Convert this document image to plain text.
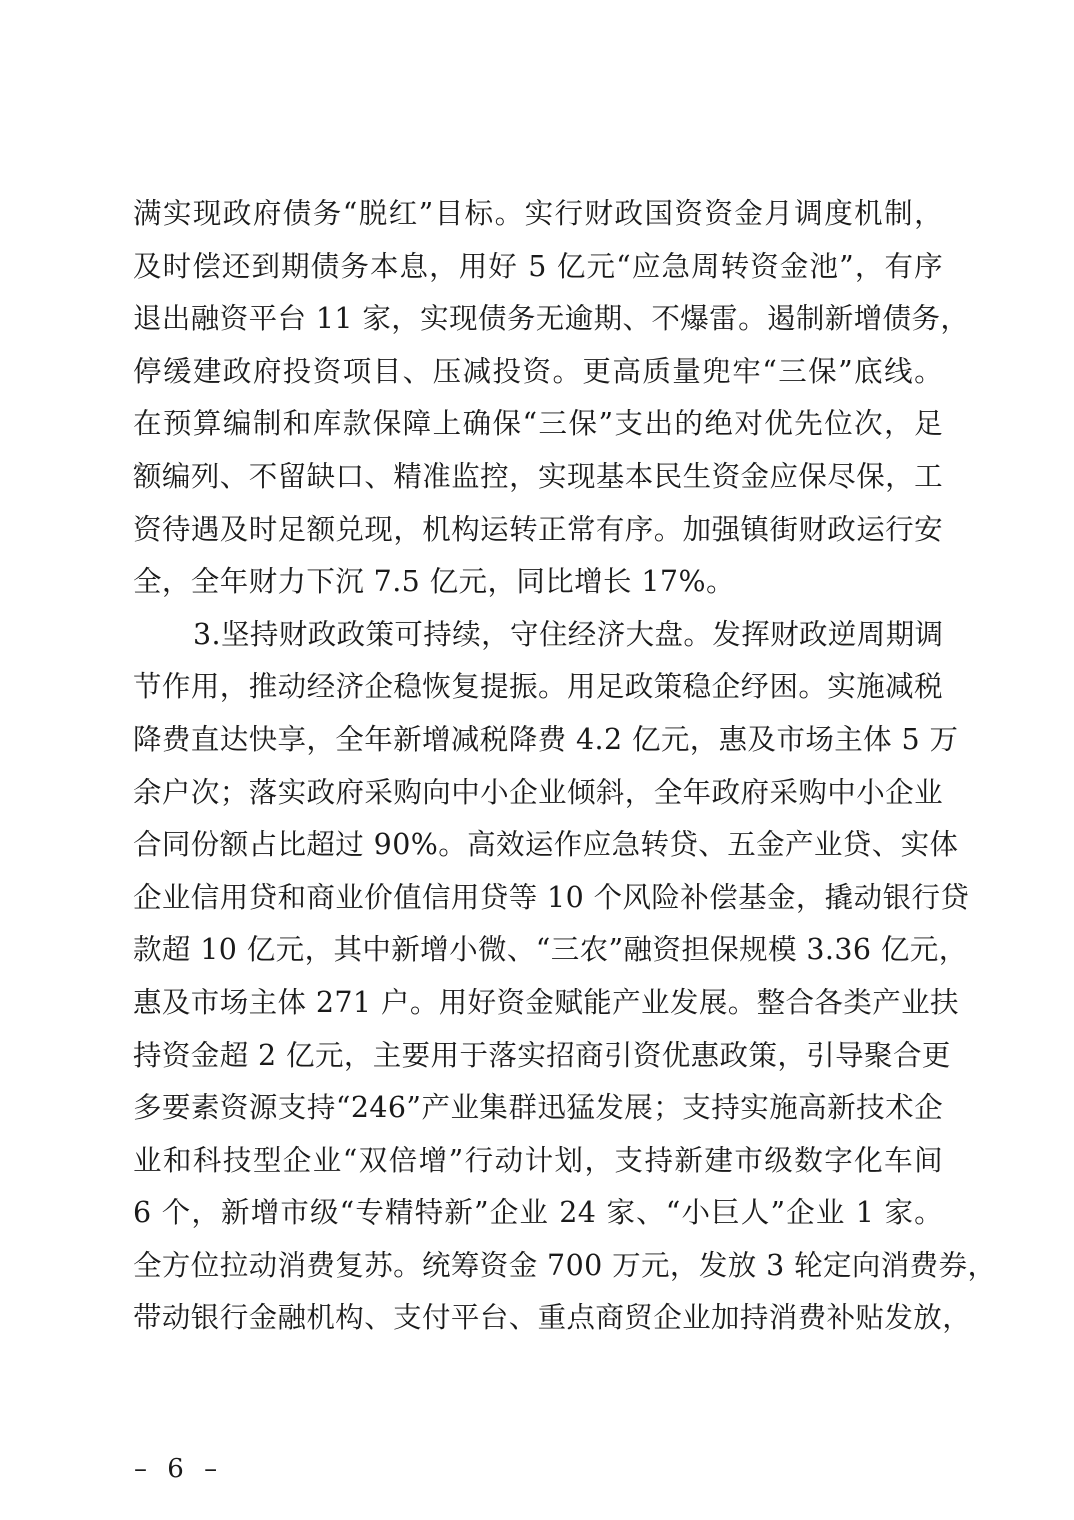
满实现政府债务“脱红”目标。实行财政国资资金月调度机制，
及时偿还到期债务本息，用好 5 亿元“应急周转资金池”，有序
退出融资平台 11 家，实现债务无逾期、不爆雷。遏制新增债务，
停缓建政府投资项目、压减投资。更高质量兜牢“三保”底线。
在预算编制和库款保障上确保“三保”支出的绝对优先位次，足
额编列、不留缺口、精准监控，实现基本民生资金应保尽保，工
资待遇及时足额兑现，机构运转正常有序。加强镇街财政运行安
全，全年财力下沉 7.5 亿元，同比增长 17%。
3.坚持财政政策可持续，守住经济大盘。发挥财政逆周期调
节作用，推动经济企稳恢复提振。用足政策稳企纾困。实施减税
降费直达快享，全年新增减税降费 4.2 亿元，惠及市场主体 5 万
余户次；落实政府采购向中小企业倾斜，全年政府采购中小企业
合同份额占比超过 90%。高效运作应急转贷、五金产业贷、实体
企业信用贷和商业价值信用贷等 10 个风险补偿基金，撬动银行贷
款超 10 亿元，其中新增小微、“三农”融资担保规模 3.36 亿元，
惠及市场主体 271 户。用好资金赋能产业发展。整合各类产业扶
持资金超 2 亿元，主要用于落实招商引资优惠政策，引导聚合更
多要素资源支持“246”产业集群迅猛发展；支持实施高新技术企
业和科技型企业“双倍增”行动计划，支持新建市级数字化车间
6 个，新增市级“专精特新”企业 24 家、“小巨人”企业 1 家。
全方位拉动消费复苏。统筹资金 700 万元，发放 3 轮定向消费券，
带动银行金融机构、支付平台、重点商贸企业加持消费补贴发放，
– 6 –
